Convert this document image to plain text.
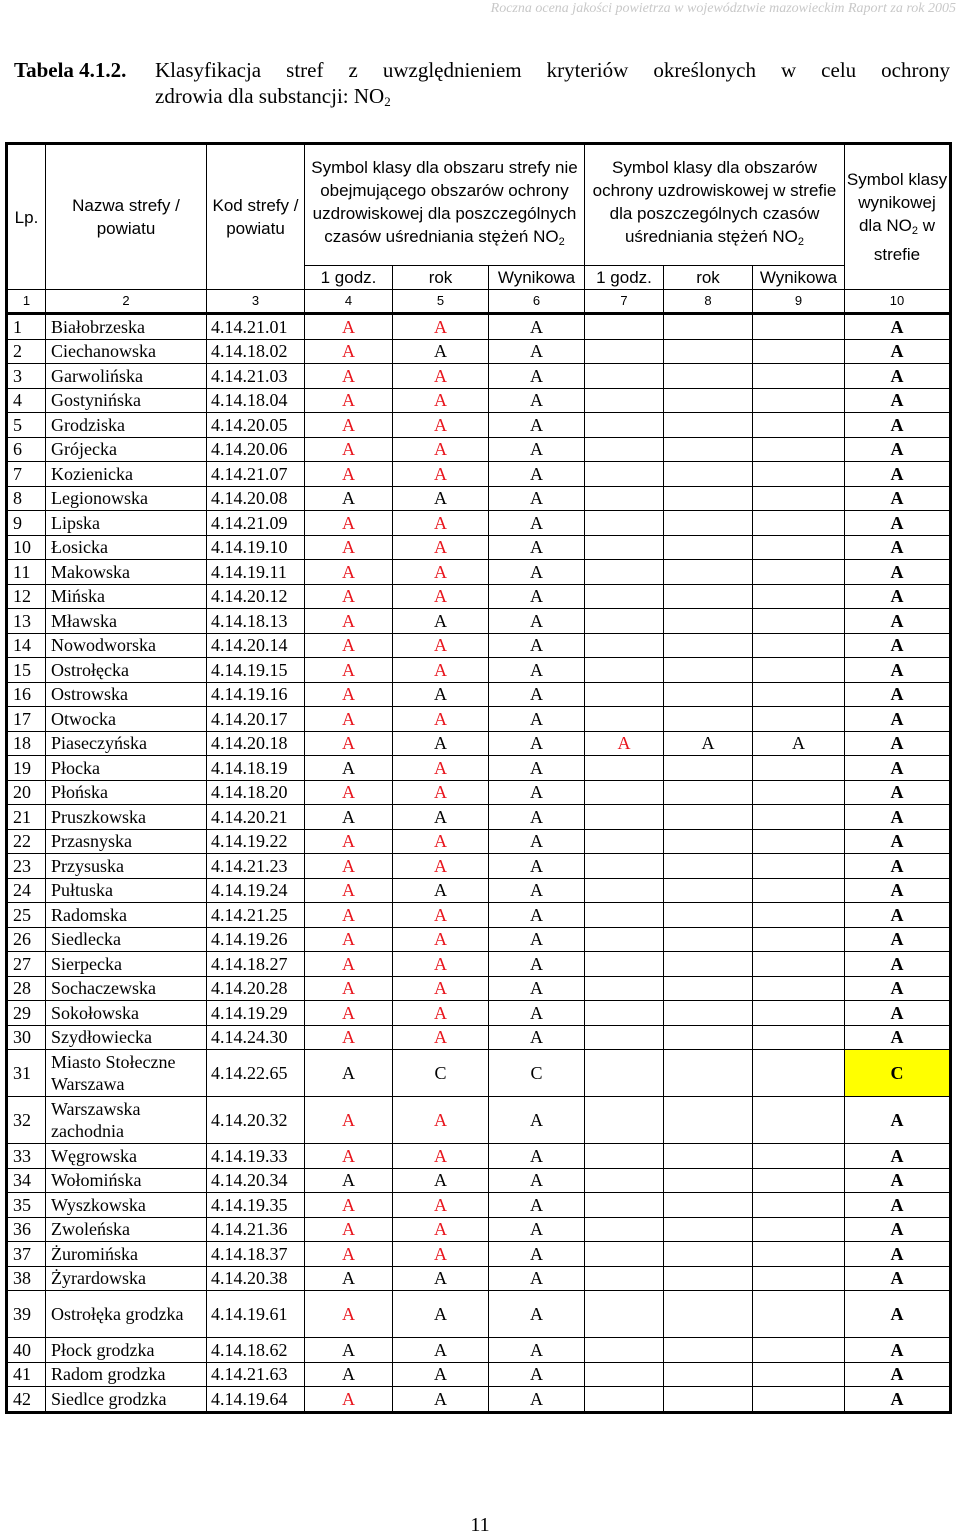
Roczna ocena jakości powietrza w województwie mazowieckim Raport za rok 2005
Tabela 4.1.2. Klasyfikacja stref z uwzględnieniem kryteriów określonych w celu ochrony
zdrowia dla substancji: $NO_2$
Lp.	Nazwa strefy / powiatu	Kod strefy / powiatu	Symbol klasy dla obszaru strefy nie obejmującego obszarów ochrony uzdrowiskowej dla poszczególnych czasów uśredniania stężeń $NO_2$			Symbol klasy dla obszarów ochrony uzdrowiskowej w strefie dla poszczególnych czasów uśredniania stężeń $NO_2$			Symbol klasy wynikowej dla $NO_2$ w strefie
			1 godz.	rok	Wynikowa	1 godz.	rok	Wynikowa	
1	2	3	4	5	6	7	8	9	10
1	Białobrzeska	4.14.21.01	A	A	A				A
2	Ciechanowska	4.14.18.02	A	A	A				A
3	Garwolińska	4.14.21.03	A	A	A				A
4	Gostynińska	4.14.18.04	A	A	A				A
5	Grodziska	4.14.20.05	A	A	A				A
6	Grójecka	4.14.20.06	A	A	A				A
7	Kozienicka	4.14.21.07	A	A	A				A
8	Legionowska	4.14.20.08	A	A	A				A
9	Lipska	4.14.21.09	A	A	A				A
10	Łosicka	4.14.19.10	A	A	A				A
11	Makowska	4.14.19.11	A	A	A				A
12	Mińska	4.14.20.12	A	A	A				A
13	Mławska	4.14.18.13	A	A	A				A
14	Nowodworska	4.14.20.14	A	A	A				A
15	Ostrołęcka	4.14.19.15	A	A	A				A
16	Ostrowska	4.14.19.16	A	A	A				A
17	Otwocka	4.14.20.17	A	A	A				A
18	Piaseczyńska	4.14.20.18	A	A	A	A	A	A	A
19	Płocka	4.14.18.19	A	A	A				A
20	Płońska	4.14.18.20	A	A	A				A
21	Pruszkowska	4.14.20.21	A	A	A				A
22	Przasnyska	4.14.19.22	A	A	A				A
23	Przysuska	4.14.21.23	A	A	A				A
24	Pułtuska	4.14.19.24	A	A	A				A
25	Radomska	4.14.21.25	A	A	A				A
26	Siedlecka	4.14.19.26	A	A	A				A
27	Sierpecka	4.14.18.27	A	A	A				A
28	Sochaczewska	4.14.20.28	A	A	A				A
29	Sokołowska	4.14.19.29	A	A	A				A
30	Szydłowiecka	4.14.24.30	A	A	A				A
31	Miasto Stołeczne Warszawa	4.14.22.65	A	C	C				C
32	Warszawska zachodnia	4.14.20.32	A	A	A				A
33	Węgrowska	4.14.19.33	A	A	A				A
34	Wołomińska	4.14.20.34	A	A	A				A
35	Wyszkowska	4.14.19.35	A	A	A				A
36	Zwoleńska	4.14.21.36	A	A	A				A
37	Żuromińska	4.14.18.37	A	A	A				A
38	Żyrardowska	4.14.20.38	A	A	A				A
39	Ostrołęka grodzka	4.14.19.61	A	A	A				A
40	Płock grodzka	4.14.18.62	A	A	A				A
41	Radom grodzka	4.14.21.63	A	A	A				A
42	Siedlce grodzka	4.14.19.64	A	A	A				A
11
